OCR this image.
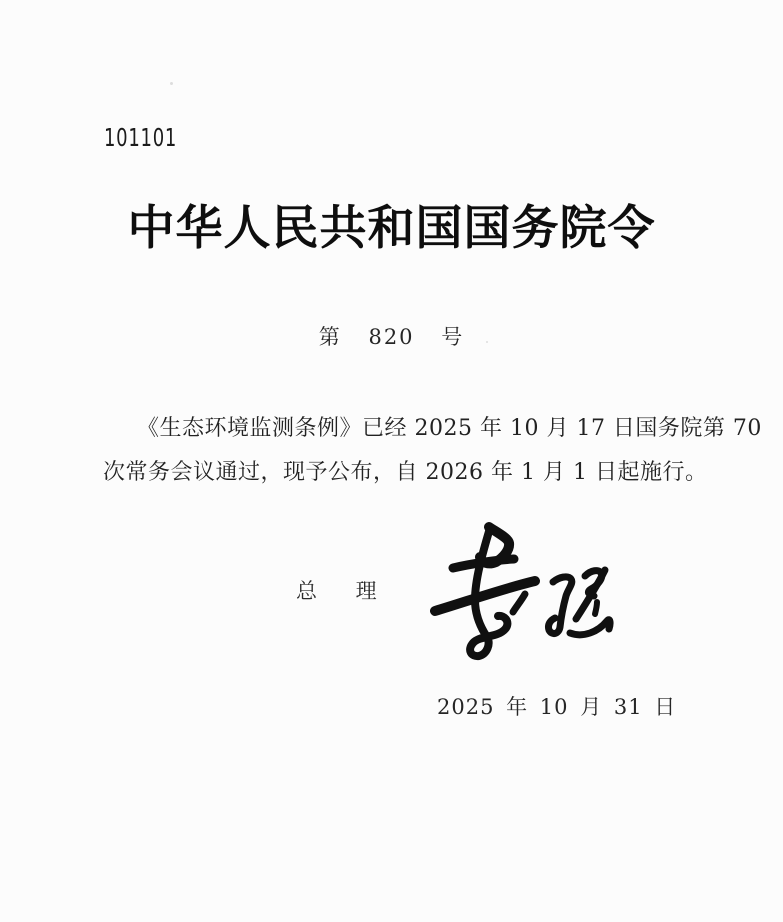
101101
中华人民共和国国务院令
第 820 号
《生态环境监测条例》已经 2025 年 10 月 17 日国务院第 70
次常务会议通过，现予公布，自 2026 年 1 月 1 日起施行。
总 理
2025 年 10 月 31 日
